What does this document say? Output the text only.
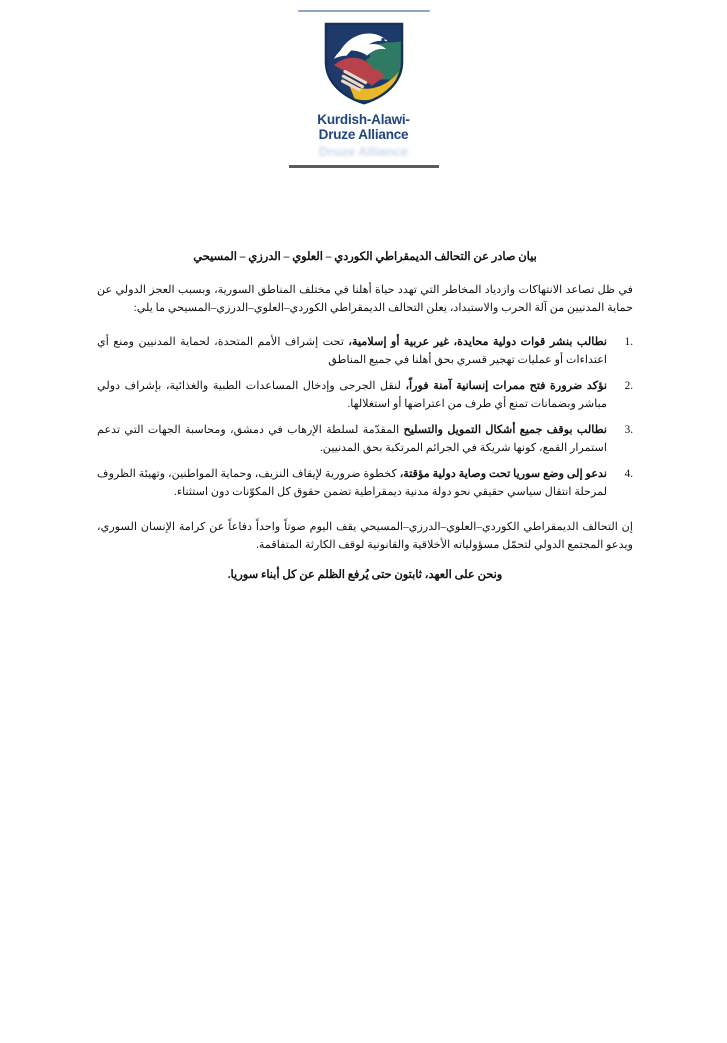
Kurdish-Alawi-
Druze Alliance
Druze Alliance
بيان صادر عن التحالف الديمقراطي الكوردي – العلوي – الدرزي – المسيحي

في ظل تصاعد الانتهاكات وازدياد المخاطر التي تهدد حياة أهلنا في مختلف المناطق السورية، وبسبب العجز الدولي عن حماية المدنيين من آلة الحرب والاستبداد، يعلن التحالف الديمقراطي الكوردي–العلوي–الدرزي–المسيحي ما يلي:

1.
نطالب بنشر قوات دولية محايدة، غير عربية أو إسلامية، تحت إشراف الأمم المتحدة، لحماية المدنيين ومنع أي اعتداءات أو عمليات تهجير قسري بحق أهلنا في جميع المناطق
2.
نؤكد ضرورة فتح ممرات إنسانية آمنة فوراً، لنقل الجرحى وإدخال المساعدات الطبية والغذائية، بإشراف دولي مباشر وبضمانات تمنع أي طرف من اعتراضها أو استغلالها.
3.
نطالب بوقف جميع أشكال التمويل والتسليح المقدّمة لسلطة الإرهاب في دمشق، ومحاسبة الجهات التي تدعم استمرار القمع، كونها شريكة في الجرائم المرتكبة بحق المدنيين.
4.
ندعو إلى وضع سوريا تحت وصاية دولية مؤقتة، كخطوة ضرورية لإيقاف النزيف، وحماية المواطنين، وتهيئة الظروف لمرحلة انتقال سياسي حقيقي نحو دولة مدنية ديمقراطية تضمن حقوق كل المكوّنات دون استثناء.

إن التحالف الديمقراطي الكوردي–العلوي–الدرزي–المسيحي يقف اليوم صوتاً واحداً دفاعاً عن كرامة الإنسان السوري، ويدعو المجتمع الدولي لتحمّل مسؤولياته الأخلاقية والقانونية لوقف الكارثة المتفاقمة.

ونحن على العهد، ثابتون حتى يُرفع الظلم عن كل أبناء سوريا.
